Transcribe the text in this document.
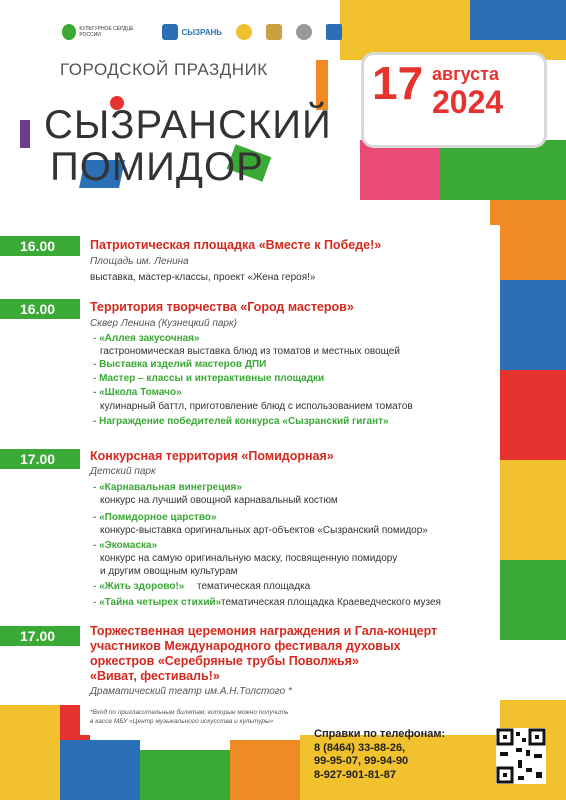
КУЛЬТУРНОЕ СЕРДЦЕ РОССИИ	СЫЗРАНЬ
ГОРОДСКОЙ ПРАЗДНИК
СЫЗРАНСКИЙ
ПОМИДОР
17 августа
2024
16.00	Патриотическая площадка «Вместе к Победе!»
Площадь им. Ленина
выставка, мастер-классы, проект «Жена героя!»
16.00	Территория творчества «Город мастеров»
Сквер Ленина (Кузнецкий парк)
- «Аллея закусочная»
гастрономическая выставка блюд из томатов и местных овощей
- Выставка изделий мастеров ДПИ
- Мастер – классы и интерактивные площадки
- «Школа Томачо»
кулинарный баттл, приготовление блюд с использованием томатов
- Награждение победителей конкурса «Сызранский гигант»
17.00	Конкурсная территория «Помидорная»
Детский парк
- «Карнавальная винегреция»
конкурс на лучший овощной карнавальный костюм
- «Помидорное царство»
конкурс-выставка оригинальных арт-объектов «Сызранский помидор»
- «Экомаска»
конкурс на самую оригинальную маску, посвященную помидору
и другим овощным культурам
- «Жить здорово!» тематическая площадка
- «Тайна четырех стихий» тематическая площадка Краеведческого музея
17.00	Торжественная церемония награждения и Гала-концерт
участников Международного фестиваля духовых
оркестров «Серебряные трубы Поволжья»
«Виват, фестиваль!»
Драматический театр им.А.Н.Толстого *
*Вход по пригласительным билетам, которые можно получить в кассе МБУ «Центр музыкального искусства и культуры»
Справки по телефонам:
8 (8464) 33-88-26,
99-95-07, 99-94-90
8-927-901-81-87
